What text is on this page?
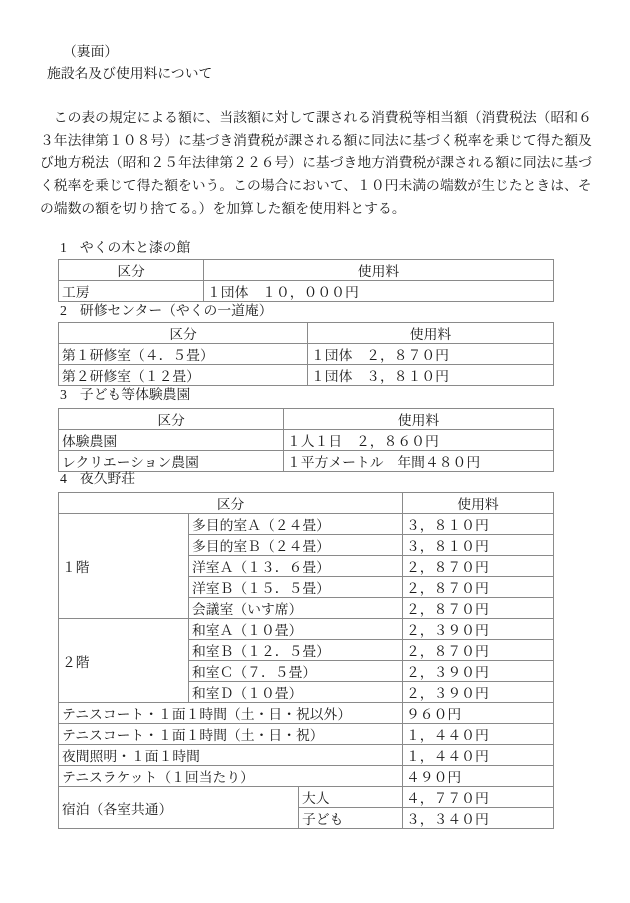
（裏面）
施設名及び使用料について
　この表の規定による額に、当該額に対して課される消費税等相当額（消費税法（昭和６
３年法律第１０８号）に基づき消費税が課される額に同法に基づく税率を乗じて得た額及
び地方税法（昭和２５年法律第２２６号）に基づき地方消費税が課される額に同法に基づ
く税率を乗じて得た額をいう。この場合において、１０円未満の端数が生じたときは、そ
の端数の額を切り捨てる。）を加算した額を使用料とする。
1 やくの木と漆の館
区分	使用料
工房	１団体　１０，０００円
2 研修センター（やくの一道庵）
区分	使用料
第１研修室（４．５畳）	１団体　２，８７０円
第２研修室（１２畳）	１団体　３，８１０円
3 子ども等体験農園
区分	使用料
体験農園	１人１日　２，８６０円
レクリエーション農園	１平方メートル　年間４８０円
4 夜久野荘
区分			使用料
１階	多目的室Ａ（２４畳）		３，８１０円
	多目的室Ｂ（２４畳）		３，８１０円
	洋室Ａ（１３．６畳）		２，８７０円
	洋室Ｂ（１５．５畳）		２，８７０円
	会議室（いす席）		２，８７０円
２階	和室Ａ（１０畳）		２，３９０円
	和室Ｂ（１２．５畳）		２，８７０円
	和室Ｃ（７．５畳）		２，３９０円
	和室Ｄ（１０畳）		２，３９０円
テニスコート・１面１時間（土・日・祝以外）			９６０円
テニスコート・１面１時間（土・日・祝）			１，４４０円
夜間照明・１面１時間			１，４４０円
テニスラケット（１回当たり）			４９０円
宿泊（各室共通）		大人	４，７７０円
		子ども	３，３４０円
